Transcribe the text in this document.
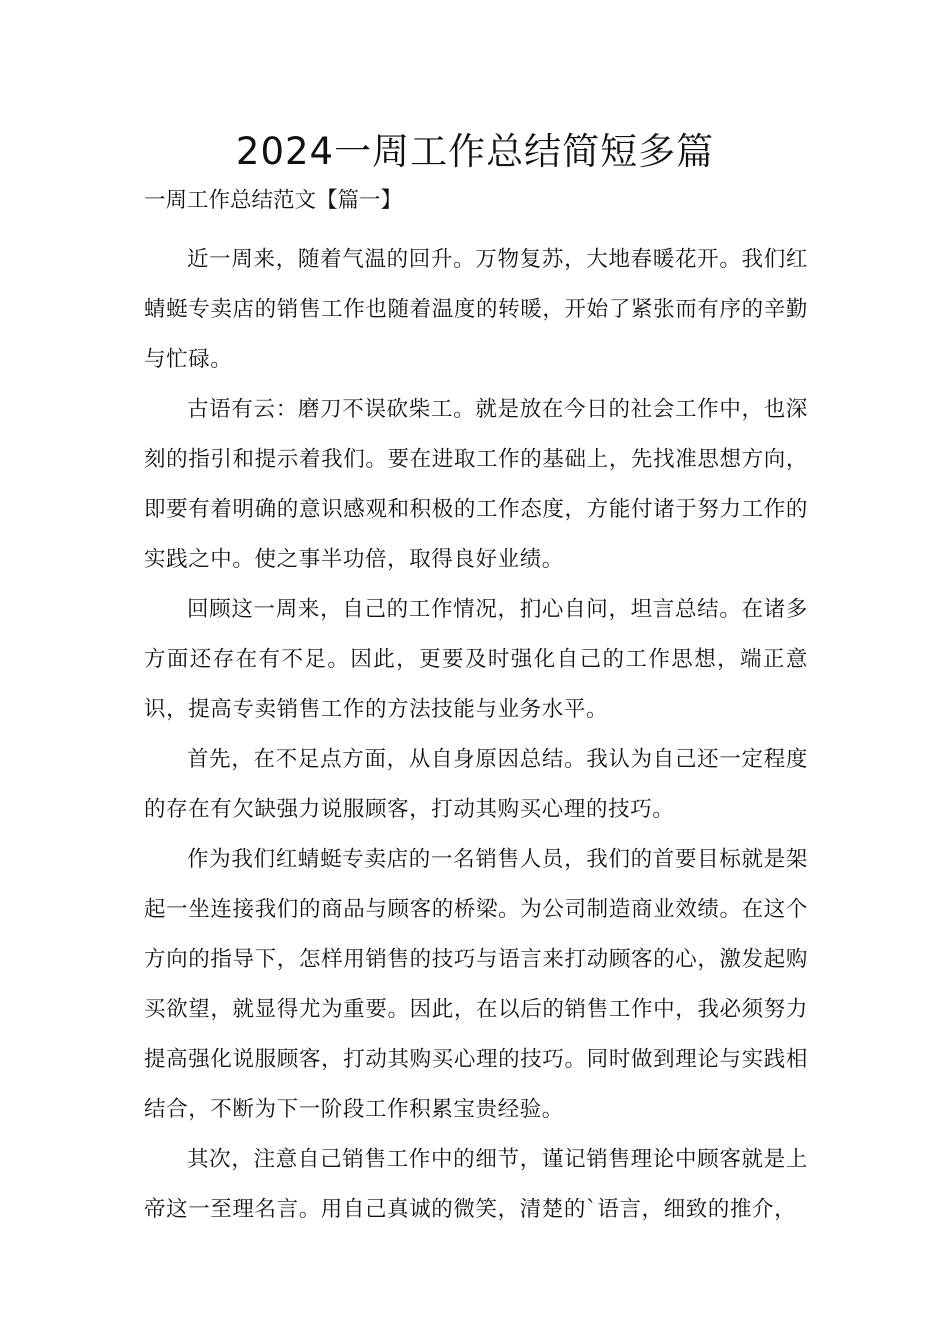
2024一周工作总结简短多篇

一周工作总结范文【篇一】

近一周来，随着气温的回升。万物复苏，大地春暖花开。我们红蜻蜓专卖店的销售工作也随着温度的转暖，开始了紧张而有序的辛勤与忙碌。

古语有云：磨刀不误砍柴工。就是放在今日的社会工作中，也深刻的指引和提示着我们。要在进取工作的基础上，先找准思想方向，即要有着明确的意识感观和积极的工作态度，方能付诸于努力工作的实践之中。使之事半功倍，取得良好业绩。

回顾这一周来，自己的工作情况，扪心自问，坦言总结。在诸多方面还存在有不足。因此，更要及时强化自己的工作思想，端正意识，提高专卖销售工作的方法技能与业务水平。

首先，在不足点方面，从自身原因总结。我认为自己还一定程度的存在有欠缺强力说服顾客，打动其购买心理的技巧。

作为我们红蜻蜓专卖店的一名销售人员，我们的首要目标就是架起一坐连接我们的商品与顾客的桥梁。为公司制造商业效绩。在这个方向的指导下，怎样用销售的技巧与语言来打动顾客的心，激发起购买欲望，就显得尤为重要。因此，在以后的销售工作中，我必须努力提高强化说服顾客，打动其购买心理的技巧。同时做到理论与实践相结合，不断为下一阶段工作积累宝贵经验。

其次，注意自己销售工作中的细节，谨记销售理论中顾客就是上帝这一至理名言。用自己真诚的微笑，清楚的`语言，细致的推介，
